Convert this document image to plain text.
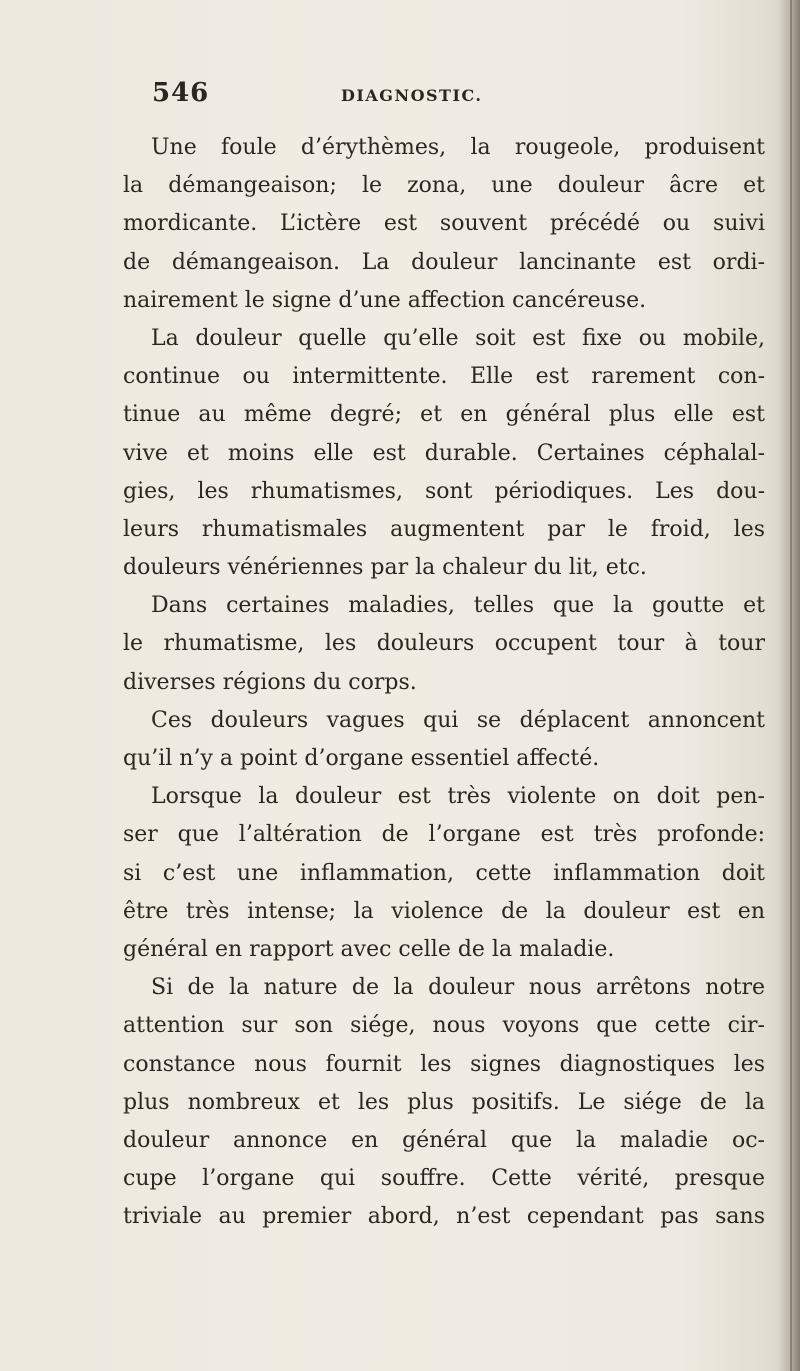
546	DIAGNOSTIC.
Une foule d’érythèmes, la rougeole, produisent
la démangeaison; le zona, une douleur âcre et
mordicante. L’ictère est souvent précédé ou suivi
de démangeaison. La douleur lancinante est ordi-
nairement le signe d’une affection cancéreuse.
La douleur quelle qu’elle soit est fixe ou mobile,
continue ou intermittente. Elle est rarement con-
tinue au même degré; et en général plus elle est
vive et moins elle est durable. Certaines céphalal-
gies, les rhumatismes, sont périodiques. Les dou-
leurs rhumatismales augmentent par le froid, les
douleurs vénériennes par la chaleur du lit, etc.
Dans certaines maladies, telles que la goutte et
le rhumatisme, les douleurs occupent tour à tour
diverses régions du corps.
Ces douleurs vagues qui se déplacent annoncent
qu’il n’y a point d’organe essentiel affecté.
Lorsque la douleur est très violente on doit pen-
ser que l’altération de l’organe est très profonde:
si c’est une inflammation, cette inflammation doit
être très intense; la violence de la douleur est en
général en rapport avec celle de la maladie.
Si de la nature de la douleur nous arrêtons notre
attention sur son siége, nous voyons que cette cir-
constance nous fournit les signes diagnostiques les
plus nombreux et les plus positifs. Le siége de la
douleur annonce en général que la maladie oc-
cupe l’organe qui souffre. Cette vérité, presque
triviale au premier abord, n’est cependant pas sans
